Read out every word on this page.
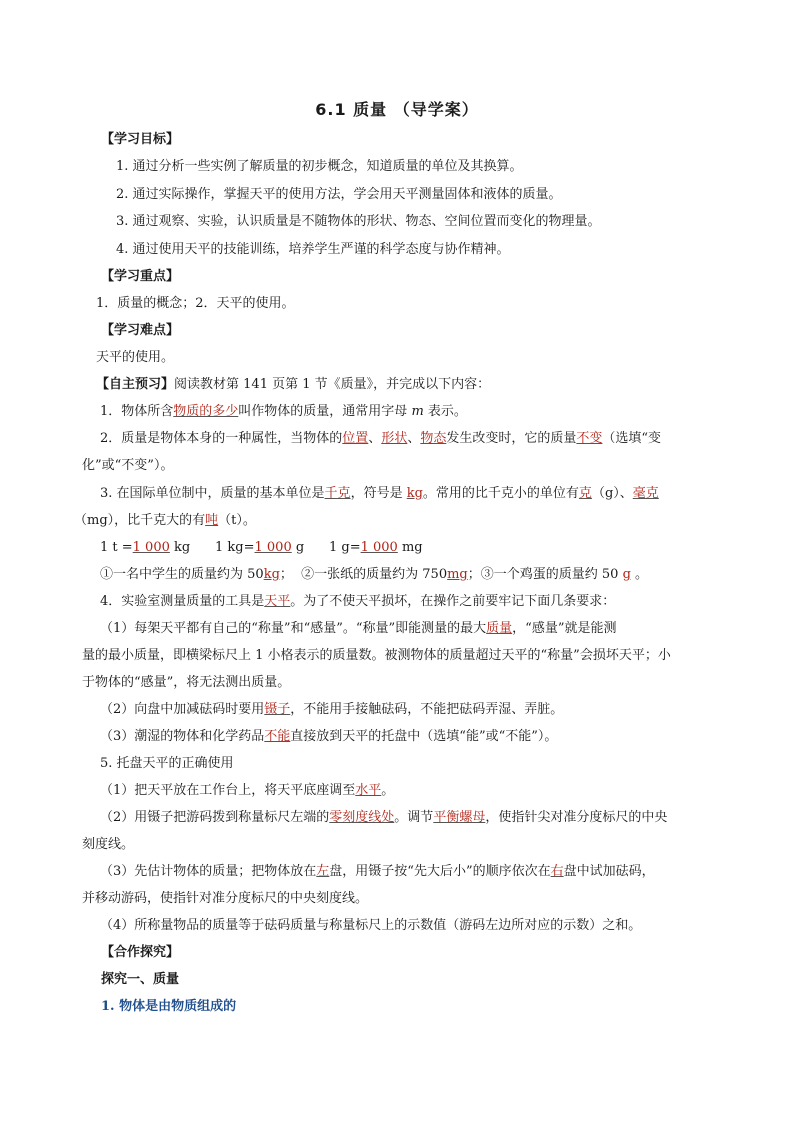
6.1 质量 （导学案）
【学习目标】
1. 通过分析一些实例了解质量的初步概念，知道质量的单位及其换算。
2. 通过实际操作，掌握天平的使用方法，学会用天平测量固体和液体的质量。
3. 通过观察、实验，认识质量是不随物体的形状、物态、空间位置而变化的物理量。
4. 通过使用天平的技能训练，培养学生严谨的科学态度与协作精神。
【学习重点】
1．质量的概念；2．天平的使用。
【学习难点】
天平的使用。
【自主预习】阅读教材第 141 页第 1 节《质量》，并完成以下内容：
1．物体所含物质的多少叫作物体的质量，通常用字母 m 表示。
2．质量是物体本身的一种属性，当物体的位置、形状、物态发生改变时，它的质量不变（选填“变
化”或“不变”）。
3. 在国际单位制中，质量的基本单位是千克，符号是 kg。常用的比千克小的单位有克（g）、毫克
（mg），比千克大的有吨（t）。
1 t =1 000 kg      1 kg=1 000 g      1 g=1 000 mg
①一名中学生的质量约为 50kg；  ②一张纸的质量约为 750mg；③一个鸡蛋的质量约 50 g 。
4．实验室测量质量的工具是天平。为了不使天平损坏，在操作之前要牢记下面几条要求：
（1）每架天平都有自己的“称量”和“感量”。“称量”即能测量的最大质量，“感量”就是能测
量的最小质量，即横梁标尺上 1 小格表示的质量数。被测物体的质量超过天平的“称量”会损坏天平；小
于物体的“感量”，将无法测出质量。
（2）向盘中加减砝码时要用镊子，不能用手接触砝码，不能把砝码弄湿、弄脏。
（3）潮湿的物体和化学药品不能直接放到天平的托盘中（选填“能”或“不能”）。
5. 托盘天平的正确使用
（1）把天平放在工作台上，将天平底座调至水平。
（2）用镊子把游码拨到称量标尺左端的零刻度线处。调节平衡螺母，使指针尖对准分度标尺的中央
刻度线。
（3）先估计物体的质量；把物体放在左盘，用镊子按“先大后小”的顺序依次在右盘中试加砝码，
并移动游码，使指针对准分度标尺的中央刻度线。
（4）所称量物品的质量等于砝码质量与称量标尺上的示数值（游码左边所对应的示数）之和。
【合作探究】
探究一、质量
1. 物体是由物质组成的
